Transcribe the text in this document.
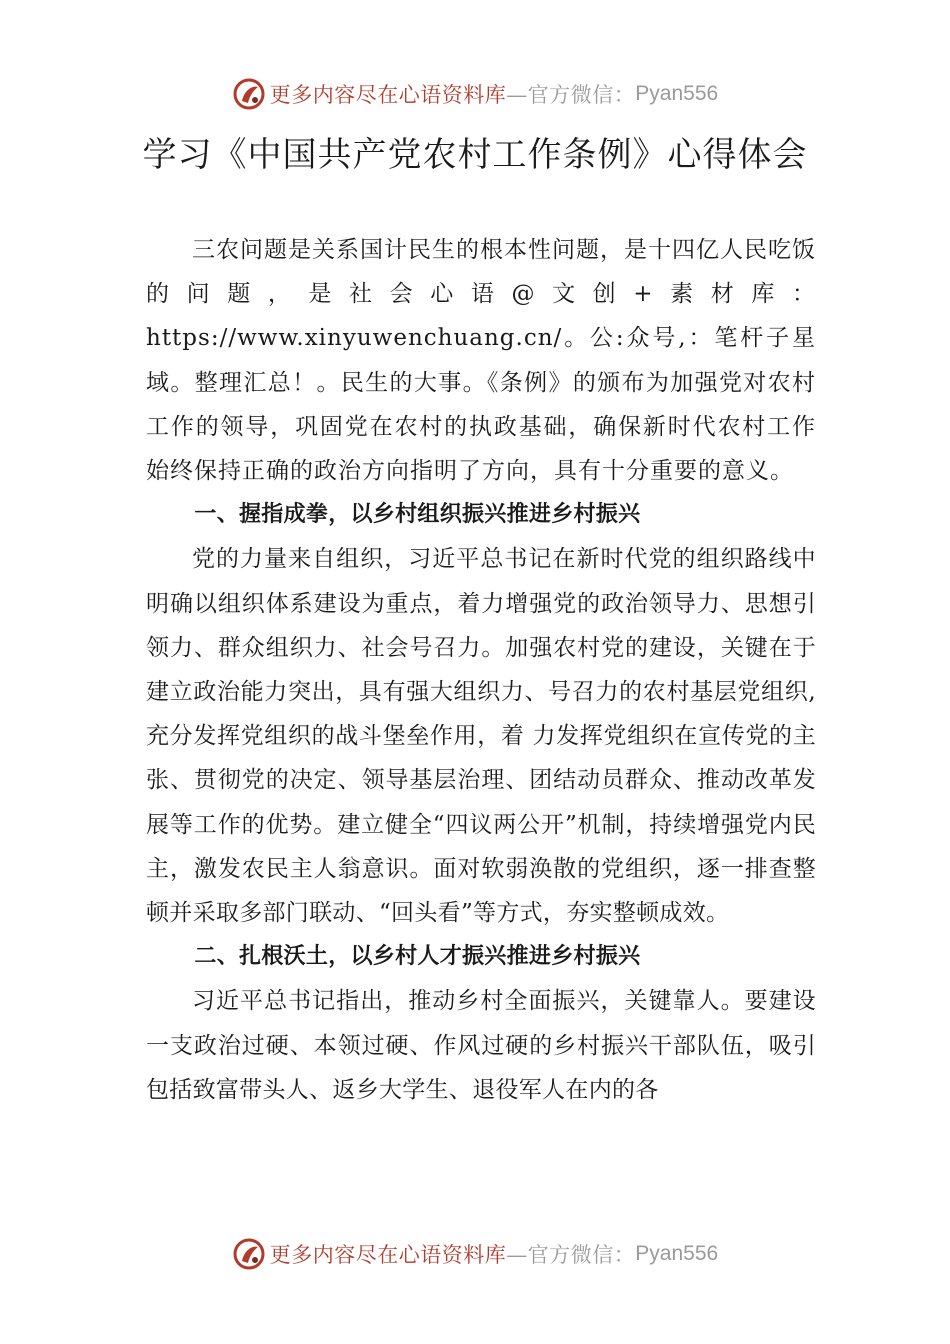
更多内容尽在心语资料库 —官方微信： Pyan556
学习《中国共产党农村工作条例》心得体会

三农问题是关系国计民生的根本性问题，是十四亿人民吃饭的问题，是社会心语@文创+素材库：https://www.xinyuwenchuang.cn/。公:众号,：笔杆子星域。整理汇总！。民生的大事。《条例》的颁布为加强党对农村工作的领导，巩固党在农村的执政基础，确保新时代农村工作始终保持正确的政治方向指明了方向，具有十分重要的意义。

一、握指成拳，以乡村组织振兴推进乡村振兴

党的力量来自组织，习近平总书记在新时代党的组织路线中明确以组织体系建设为重点，着力增强党的政治领导力、思想引领力、群众组织力、社会号召力。加强农村党的建设，关键在于建立政治能力突出，具有强大组织力、号召力的农村基层党组织,充分发挥党组织的战斗堡垒作用，着 力发挥党组织在宣传党的主张、贯彻党的决定、领导基层治理、团结动员群众、推动改革发展等工作的优势。建立健全“四议两公开”机制，持续增强党内民主，激发农民主人翁意识。面对软弱涣散的党组织，逐一排查整顿并采取多部门联动、“回头看”等方式，夯实整顿成效。

二、扎根沃土，以乡村人才振兴推进乡村振兴

习近平总书记指出，推动乡村全面振兴，关键靠人。要建设一支政治过硬、本领过硬、作风过硬的乡村振兴干部队伍，吸引包括致富带头人、返乡大学生、退役军人在内的各

更多内容尽在心语资料库 —官方微信： Pyan556
